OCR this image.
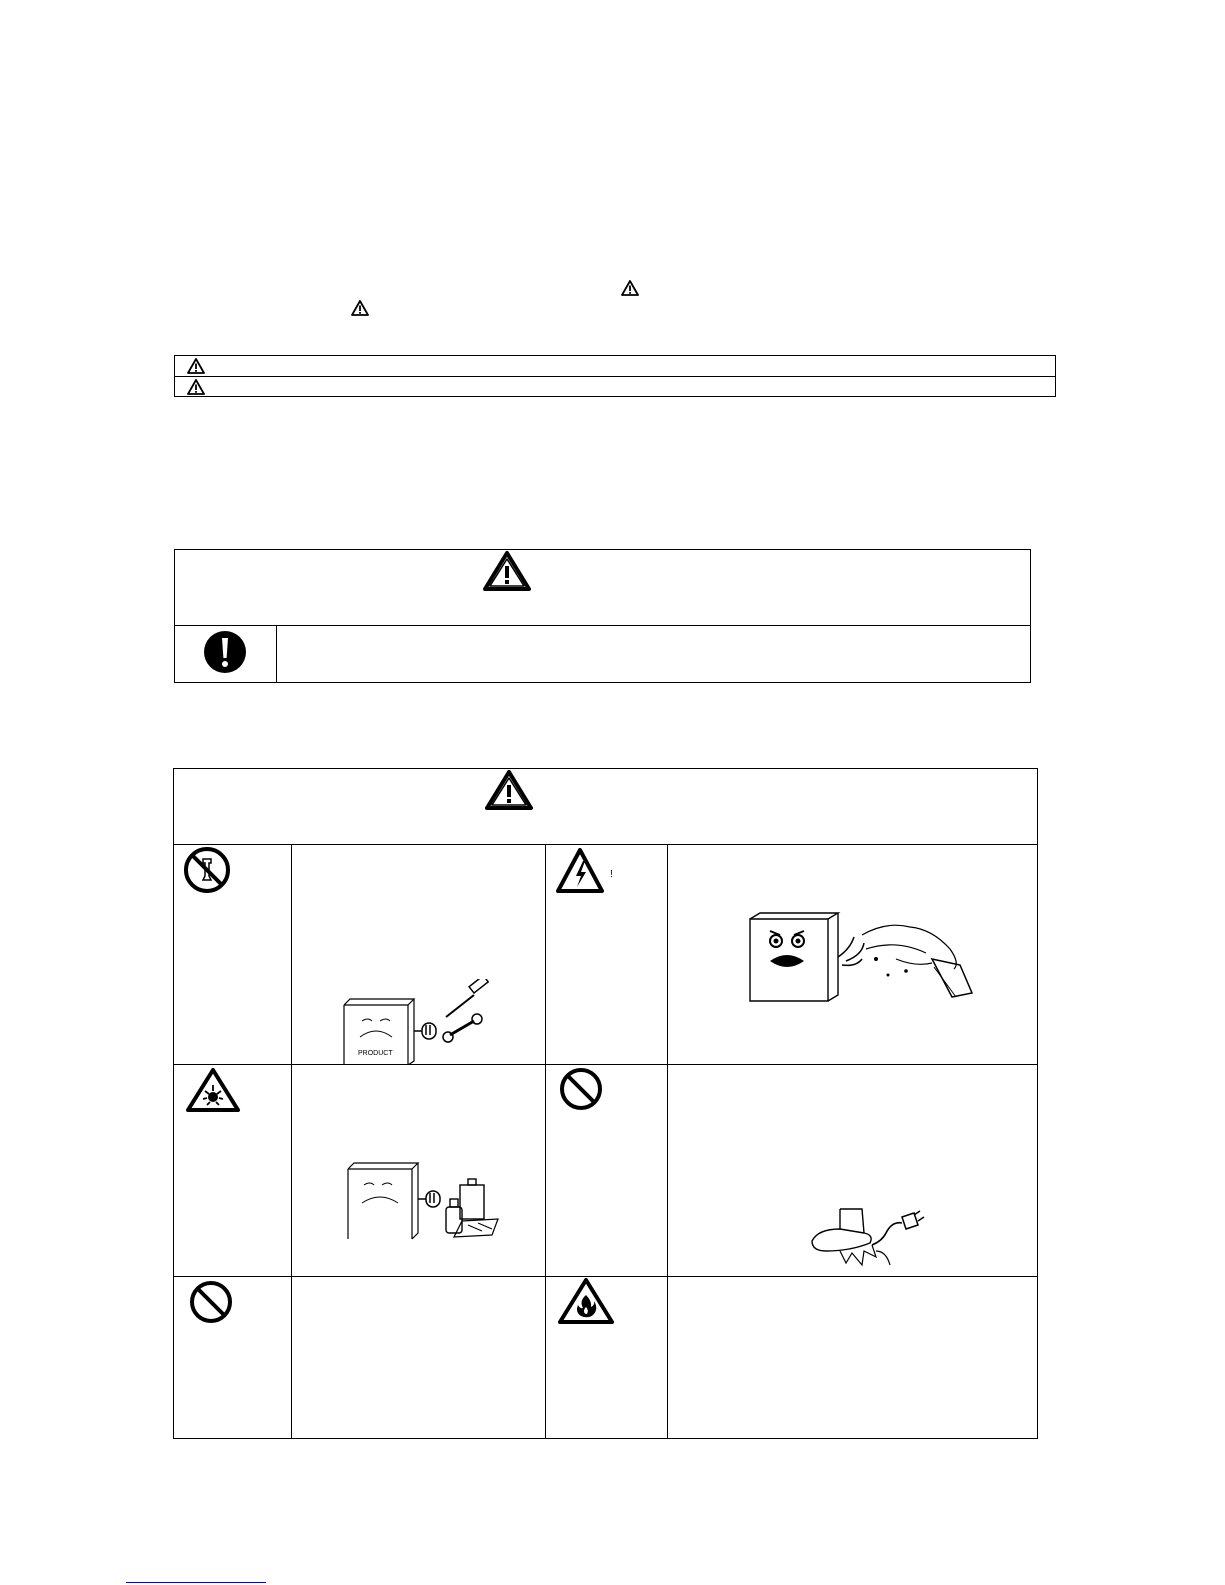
PRODUCT
!
